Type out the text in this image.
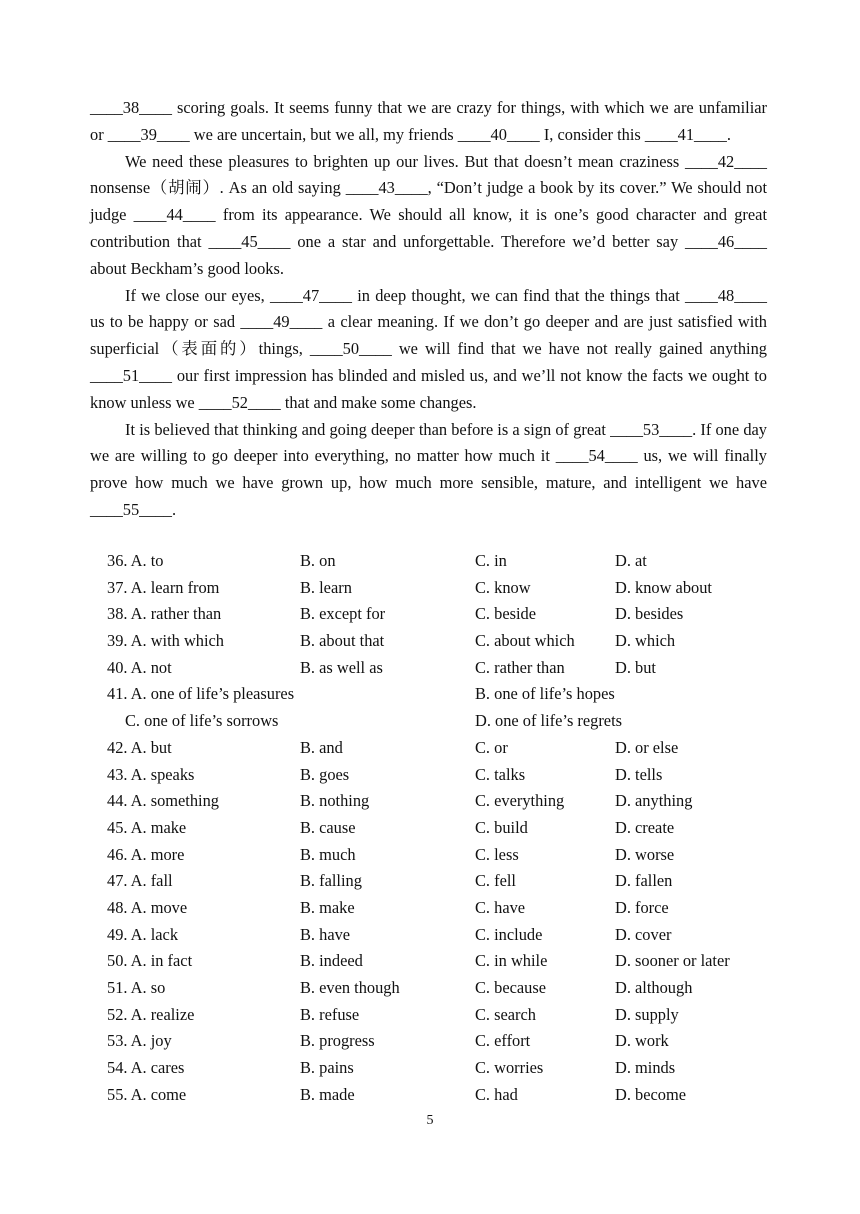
____38____ scoring goals. It seems funny that we are crazy for things, with which we are unfamiliar or ____39____ we are uncertain, but we all, my friends ____40____ I, consider this ____41____.

We need these pleasures to brighten up our lives. But that doesn’t mean craziness ____42____ nonsense（胡闹）. As an old saying ____43____, “Don’t judge a book by its cover.” We should not judge ____44____ from its appearance. We should all know, it is one’s good character and great contribution that ____45____ one a star and unforgettable. Therefore we’d better say ____46____ about Beckham’s good looks.

If we close our eyes, ____47____ in deep thought, we can find that the things that ____48____ us to be happy or sad ____49____ a clear meaning. If we don’t go deeper and are just satisfied with superficial（表面的）things, ____50____ we will find that we have not really gained anything ____51____ our first impression has blinded and misled us, and we’ll not know the facts we ought to know unless we ____52____ that and make some changes.

It is believed that thinking and going deeper than before is a sign of great ____53____. If one day we are willing to go deeper into everything, no matter how much it ____54____ us, we will finally prove how much we have grown up, how much more sensible, mature, and intelligent we have ____55____.

36. A. to	B. on	C. in	D. at
37. A. learn from	B. learn	C. know	D. know about
38. A. rather than	B. except for	C. beside	D. besides
39. A. with which	B. about that	C. about which D. which
40. A. not	B. as well as	C. rather than	D. but
41. A. one of life’s pleasures	B. one of life’s hopes
C. one of life’s sorrows	D. one of life’s regrets
42. A. but	B. and	C. or	D. or else
43. A. speaks	B. goes	C. talks	D. tells
44. A. something	B. nothing	C. everything	D. anything
45. A. make	B. cause	C. build	D. create
46. A. more	B. much	C. less	D. worse
47. A. fall	B. falling	C. fell	D. fallen
48. A. move	B. make	C. have	D. force
49. A. lack	B. have	C. include	D. cover
50. A. in fact	B. indeed	C. in while	D. sooner or later
51. A. so	B. even though	C. because	D. although
52. A. realize	B. refuse	C. search	D. supply
53. A. joy	B. progress	C. effort	D. work
54. A. cares	B. pains	C. worries	D. minds
55. A. come	B. made	C. had	D. become
5
